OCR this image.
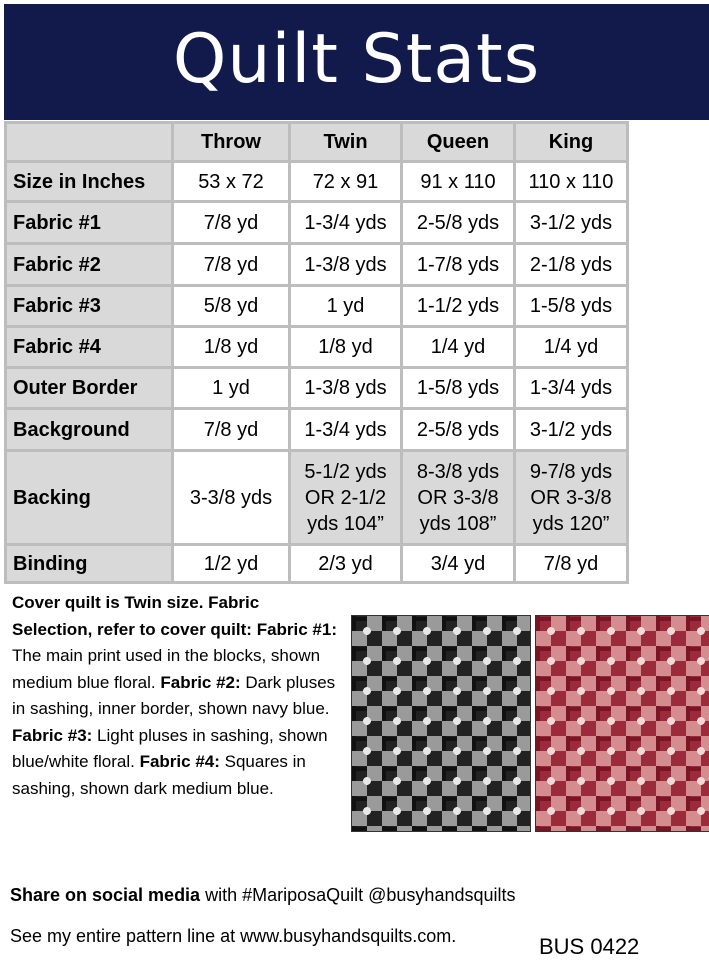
Quilt Stats
	Throw	Twin	Queen	King
Size in Inches	53 x 72	72 x 91	91 x 110	110 x 110
Fabric #1	7/8 yd	1-3/4 yds	2-5/8 yds	3-1/2 yds
Fabric #2	7/8 yd	1-3/8 yds	1-7/8 yds	2-1/8 yds
Fabric #3	5/8 yd	1 yd	1-1/2 yds	1-5/8 yds
Fabric #4	1/8 yd	1/8 yd	1/4 yd	1/4 yd
Outer Border	1 yd	1-3/8 yds	1-5/8 yds	1-3/4 yds
Background	7/8 yd	1-3/4 yds	2-5/8 yds	3-1/2 yds
Backing	3-3/8 yds	5-1/2 yds OR 2-1/2 yds 104”	8-3/8 yds OR 3-3/8 yds 108”	9-7/8 yds OR 3-3/8 yds 120”
Binding	1/2 yd	2/3 yd	3/4 yd	7/8 yd
Cover quilt is Twin size. Fabric Selection, refer to cover quilt: Fabric #1: The main print used in the blocks, shown medium blue floral. Fabric #2: Dark pluses in sashing, inner border, shown navy blue. Fabric #3: Light pluses in sashing, shown blue/white floral. Fabric #4: Squares in sashing, shown dark medium blue.
Share on social media with #MariposaQuilt @busyhandsquilts
See my entire pattern line at www.busyhandsquilts.com.	BUS 0422
